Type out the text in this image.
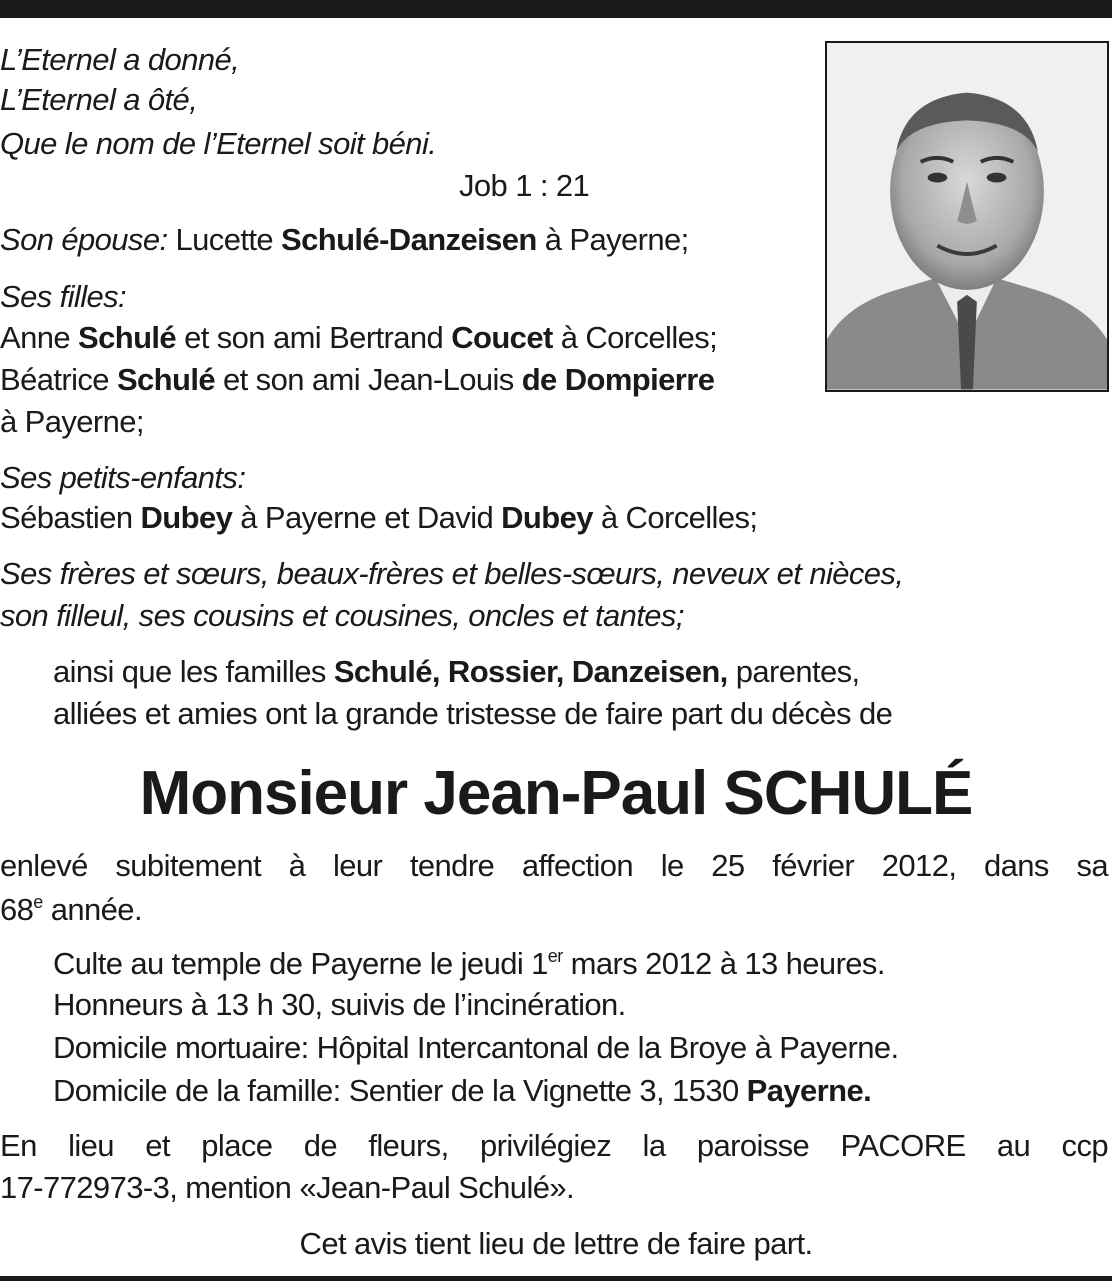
L’Eternel a donné,
L’Eternel a ôté,
Que le nom de l’Eternel soit béni.
Job 1 : 21
Son épouse: Lucette Schulé-Danzeisen à Payerne;
Ses filles:
Anne Schulé et son ami Bertrand Coucet à Corcelles;
Béatrice Schulé et son ami Jean-Louis de Dompierre
à Payerne;
Ses petits-enfants:
Sébastien Dubey à Payerne et David Dubey à Corcelles;
Ses frères et sœurs, beaux-frères et belles-sœurs, neveux et nièces,
son filleul, ses cousins et cousines, oncles et tantes;
ainsi que les familles Schulé, Rossier, Danzeisen, parentes,
alliées et amies ont la grande tristesse de faire part du décès de
Monsieur Jean-Paul SCHULÉ
enlevé subitement à leur tendre affection le 25 février 2012, dans sa
68e année.
Culte au temple de Payerne le jeudi 1er mars 2012 à 13 heures.
Honneurs à 13 h 30, suivis de l’incinération.
Domicile mortuaire: Hôpital Intercantonal de la Broye à Payerne.
Domicile de la famille: Sentier de la Vignette 3, 1530 Payerne.
En lieu et place de fleurs, privilégiez la paroisse PACORE au ccp
17-772973-3, mention «Jean-Paul Schulé».
Cet avis tient lieu de lettre de faire part.
